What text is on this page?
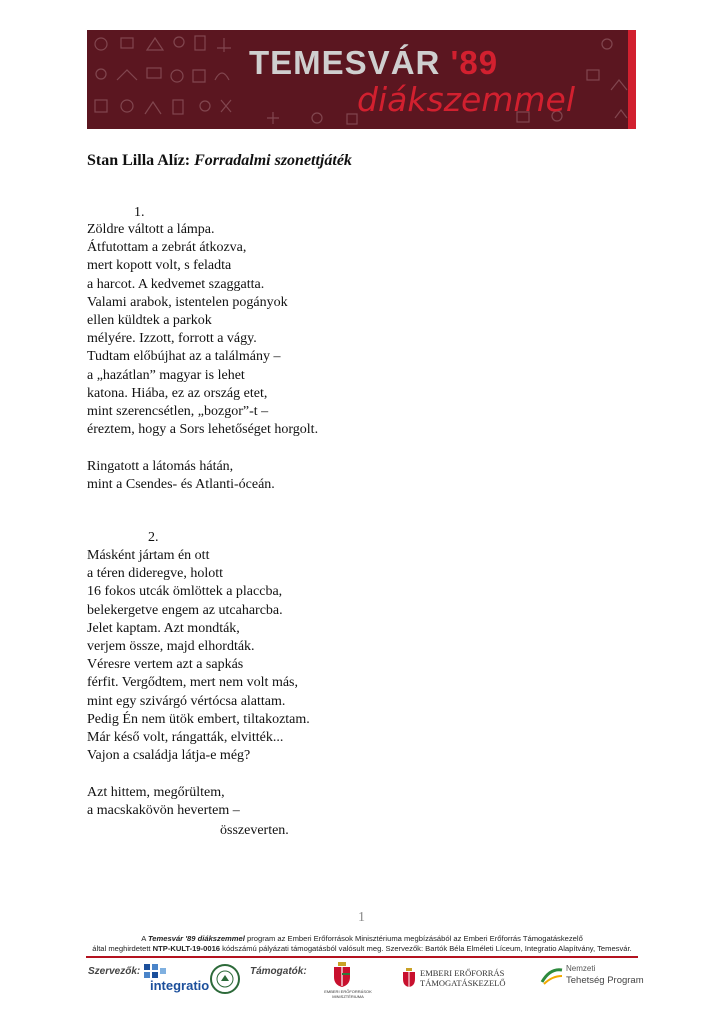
TEMESVÁR '89
diákszemmel
Stan Lilla Alíz: Forradalmi szonettjáték
1.
Zöldre váltott a lámpa.
Átfutottam a zebrát átkozva,
mert kopott volt, s feladta
a harcot. A kedvemet szaggatta.
Valami arabok, istentelen pogányok
ellen küldtek a parkok
mélyére. Izzott, forrott a vágy.
Tudtam előbújhat az a találmány –
a „hazátlan” magyar is lehet
katona. Hiába, ez az ország etet,
mint szerencsétlen, „bozgor”-t –
éreztem, hogy a Sors lehetőséget horgolt.

Ringatott a látomás hátán,
mint a Csendes- és Atlanti-óceán.
2.
Másként jártam én ott
a téren dideregve, holott
16 fokos utcák ömlöttek a placcba,
belekergetve engem az utcaharcba.
Jelet kaptam. Azt mondták,
verjem össze, majd elhordták.
Véresre vertem azt a sapkás
férfit. Vergődtem, mert nem volt más,
mint egy szivárgó vértócsa alattam.
Pedig Én nem ütök embert, tiltakoztam.
Már késő volt, rángatták, elvitték...
Vajon a családja látja-e még?

Azt hittem, megőrültem,
a macskakövön hevertem –
összeverten.
1
A Temesvár '89 diákszemmel program az Emberi Erőforrások Minisztériuma megbízásából az Emberi Erőforrás Támogatáskezelő
által meghirdetett NTP-KULT-19-0016 kódszámú pályázati támogatásból valósult meg. Szervezők: Bartók Béla Elméleti Líceum, Integratio Alapítvány, Temesvár.
Szervezők:
integratio
Támogatók:
EMBERI ERŐFORRÁSOK MINISZTÉRIUMA
EMBERI ERŐFORRÁS
TÁMOGATÁSKEZELŐ
Nemzeti
Tehetség Program
